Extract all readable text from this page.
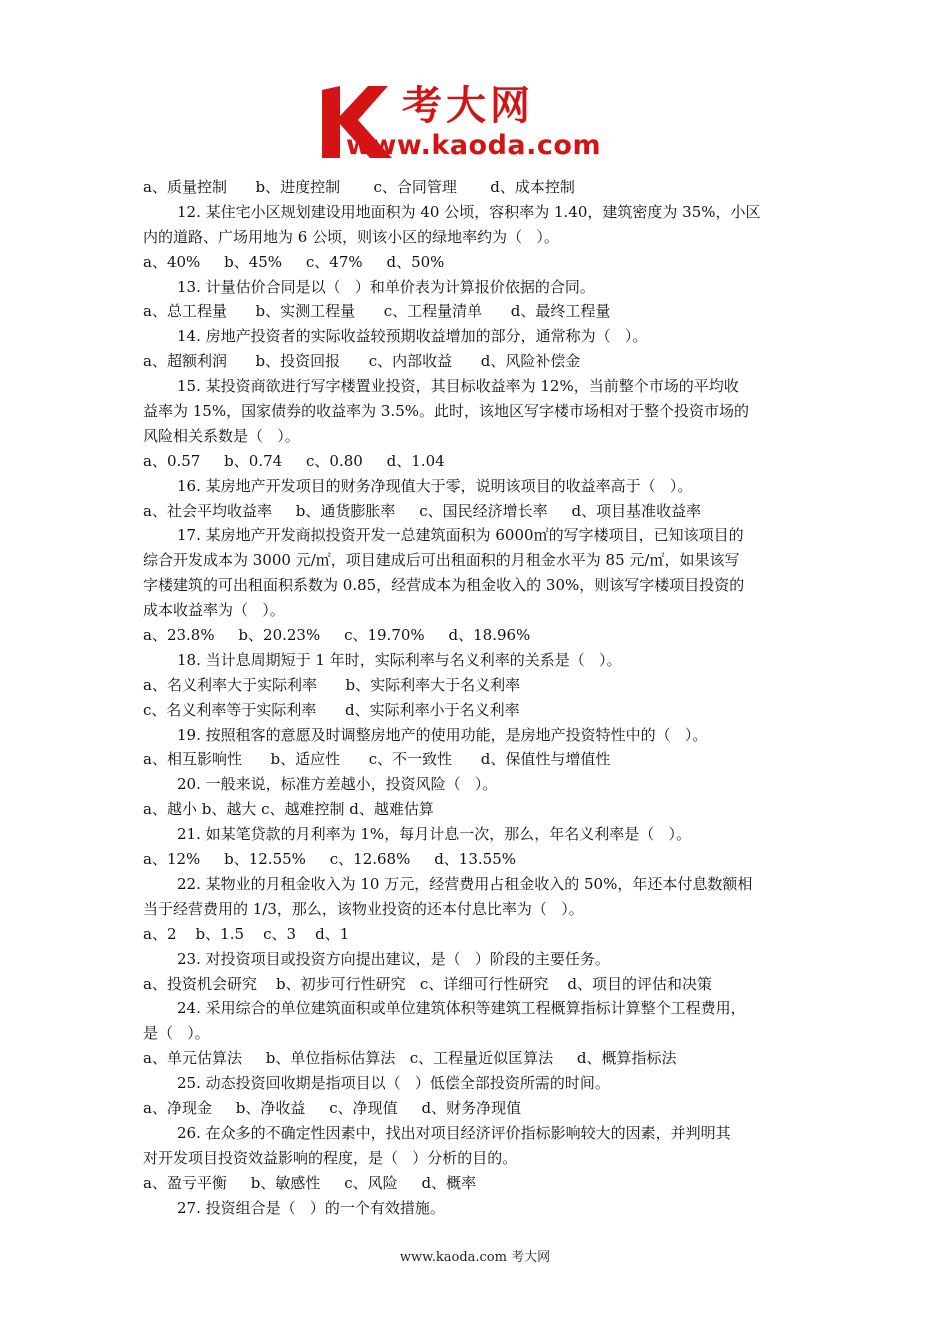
考大网
www.kaoda.com
a、质量控制      b、进度控制       c、合同管理       d、成本控制
12. 某住宅小区规划建设用地面积为 40 公顷，容积率为 1.40，建筑密度为 35%，小区
内的道路、广场用地为 6 公顷，则该小区的绿地率约为（   ）。
a、40%     b、45%     c、47%     d、50%
13. 计量估价合同是以（   ）和单价表为计算报价依据的合同。
a、总工程量      b、实测工程量      c、工程量清单      d、最终工程量
14. 房地产投资者的实际收益较预期收益增加的部分，通常称为（   ）。
a、超额利润      b、投资回报      c、内部收益      d、风险补偿金
15. 某投资商欲进行写字楼置业投资，其目标收益率为 12%，当前整个市场的平均收
益率为 15%，国家债券的收益率为 3.5%。此时，该地区写字楼市场相对于整个投资市场的
风险相关系数是（   ）。
a、0.57     b、0.74     c、0.80     d、1.04
16. 某房地产开发项目的财务净现值大于零，说明该项目的收益率高于（   ）。
a、社会平均收益率     b、通货膨胀率     c、国民经济增长率     d、项目基准收益率
17. 某房地产开发商拟投资开发一总建筑面积为 6000㎡的写字楼项目，已知该项目的
综合开发成本为 3000 元/㎡，项目建成后可出租面积的月租金水平为 85 元/㎡，如果该写
字楼建筑的可出租面积系数为 0.85，经营成本为租金收入的 30%，则该写字楼项目投资的
成本收益率为（   ）。
a、23.8%     b、20.23%     c、19.70%     d、18.96%
18. 当计息周期短于 1 年时，实际利率与名义利率的关系是（   ）。
a、名义利率大于实际利率      b、实际利率大于名义利率
c、名义利率等于实际利率      d、实际利率小于名义利率
19. 按照租客的意愿及时调整房地产的使用功能，是房地产投资特性中的（   ）。
a、相互影响性      b、适应性      c、不一致性      d、保值性与增值性
20. 一般来说，标准方差越小，投资风险（   ）。
a、越小 b、越大 c、越难控制 d、越难估算
21. 如某笔贷款的月利率为 1%，每月计息一次，那么，年名义利率是（   ）。
a、12%     b、12.55%     c、12.68%     d、13.55%
22. 某物业的月租金收入为 10 万元，经营费用占租金收入的 50%，年还本付息数额相
当于经营费用的 1/3，那么，该物业投资的还本付息比率为（   ）。
a、2    b、1.5    c、3    d、1
23. 对投资项目或投资方向提出建议，是（   ）阶段的主要任务。
a、投资机会研究    b、初步可行性研究   c、详细可行性研究    d、项目的评估和决策
24. 采用综合的单位建筑面积或单位建筑体积等建筑工程概算指标计算整个工程费用，
是（   ）。
a、单元估算法     b、单位指标估算法   c、工程量近似匡算法     d、概算指标法
25. 动态投资回收期是指项目以（   ）低偿全部投资所需的时间。
a、净现金     b、净收益     c、净现值     d、财务净现值
26. 在众多的不确定性因素中，找出对项目经济评价指标影响较大的因素，并判明其
对开发项目投资效益影响的程度，是（   ）分析的目的。
a、盈亏平衡     b、敏感性     c、风险     d、概率
27. 投资组合是（   ）的一个有效措施。
www.kaoda.com 考大网
